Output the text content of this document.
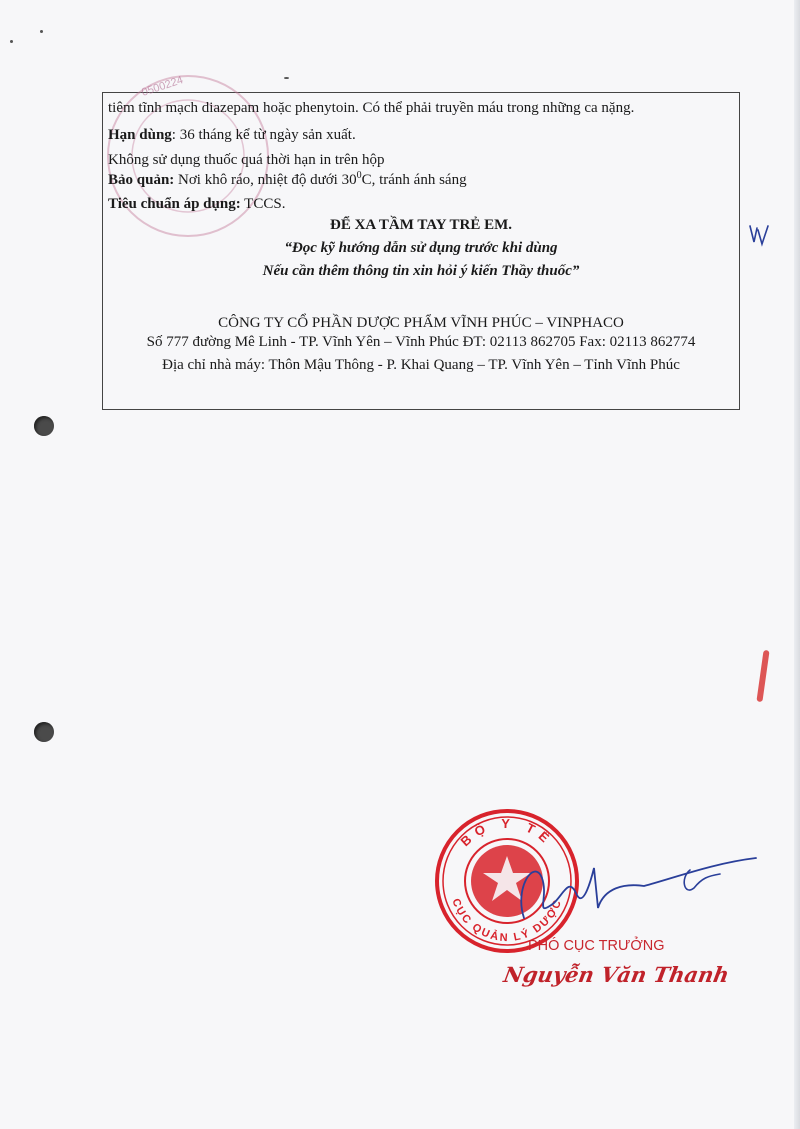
0500224
tiêm tĩnh mạch diazepam hoặc phenytoin. Có thể phải truyền máu trong những ca nặng.
Hạn dùng: 36 tháng kể từ ngày sản xuất.
Không sử dụng thuốc quá thời hạn in trên hộp
Bảo quản: Nơi khô ráo, nhiệt độ dưới $30^0C$, tránh ánh sáng
Tiêu chuẩn áp dụng: TCCS.
ĐỂ XA TẦM TAY TRẺ EM.
“Đọc kỹ hướng dẫn sử dụng trước khi dùng
Nếu cần thêm thông tin xin hỏi ý kiến Thầy thuốc”
CÔNG TY CỔ PHẦN DƯỢC PHẨM VĨNH PHÚC – VINPHACO
Số 777 đường Mê Linh - TP. Vĩnh Yên – Vĩnh Phúc ĐT: 02113 862705 Fax: 02113 862774
Địa chỉ nhà máy: Thôn Mậu Thông - P. Khai Quang – TP. Vĩnh Yên – Tỉnh Vĩnh Phúc
BỘ Y TẾ
CỤC QUẢN LÝ DƯỢC
PHÓ CỤC TRƯỞNG
Nguyễn Văn Thanh
